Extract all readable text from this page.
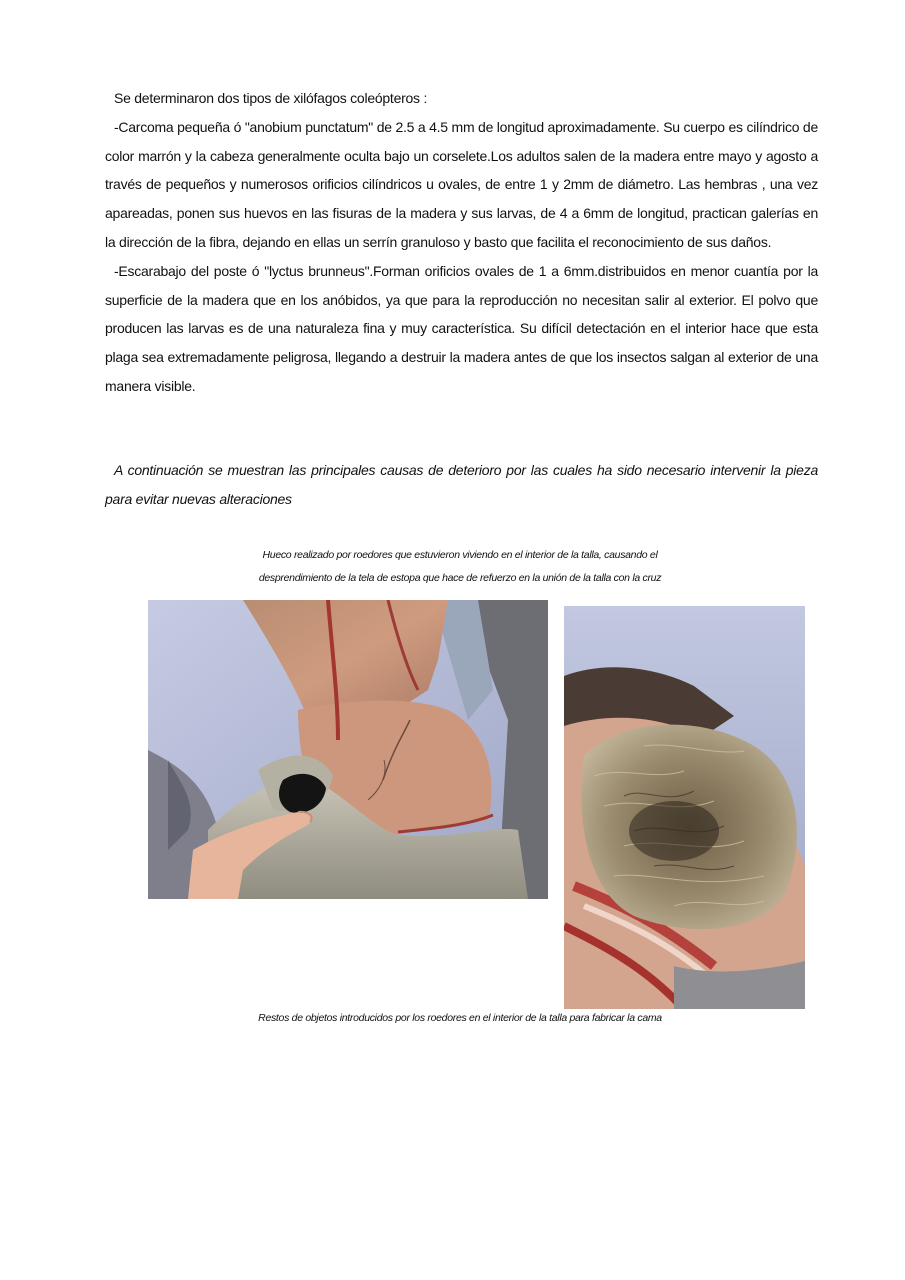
Se determinaron dos tipos de xilófagos coleópteros :

-Carcoma pequeña ó "anobium punctatum" de 2.5 a 4.5 mm de longitud aproximadamente. Su cuerpo es cilíndrico de color marrón y la cabeza generalmente oculta bajo un corselete.Los adultos salen de la madera entre mayo y agosto a través de pequeños y numerosos orificios cilíndricos u ovales, de entre 1 y 2mm de diámetro. Las hembras , una vez apareadas, ponen sus huevos en las fisuras de la madera y sus larvas, de 4 a 6mm de longitud, practican galerías en la dirección de la fibra, dejando en ellas un serrín granuloso y basto que facilita el reconocimiento de sus daños.

-Escarabajo del poste ó "lyctus brunneus".Forman orificios ovales de 1 a 6mm.distribuidos en menor cuantía por la superficie de la madera que en los anóbidos, ya que para la reproducción no necesitan salir al exterior. El polvo que producen las larvas es de una naturaleza fina y muy característica. Su difícil detectación en el interior hace que esta plaga sea extremadamente peligrosa, llegando a destruir la madera antes de que los insectos salgan al exterior de una manera visible.

A continuación se muestran las principales causas de deterioro por las cuales ha sido necesario intervenir la pieza para evitar nuevas alteraciones

Hueco realizado por roedores que estuvieron viviendo en el interior de la talla, causando el
desprendimiento de la tela de estopa que hace de refuerzo en la unión de la talla con la cruz
Restos de objetos introducidos por los roedores en el interior de la talla para fabricar la cama
